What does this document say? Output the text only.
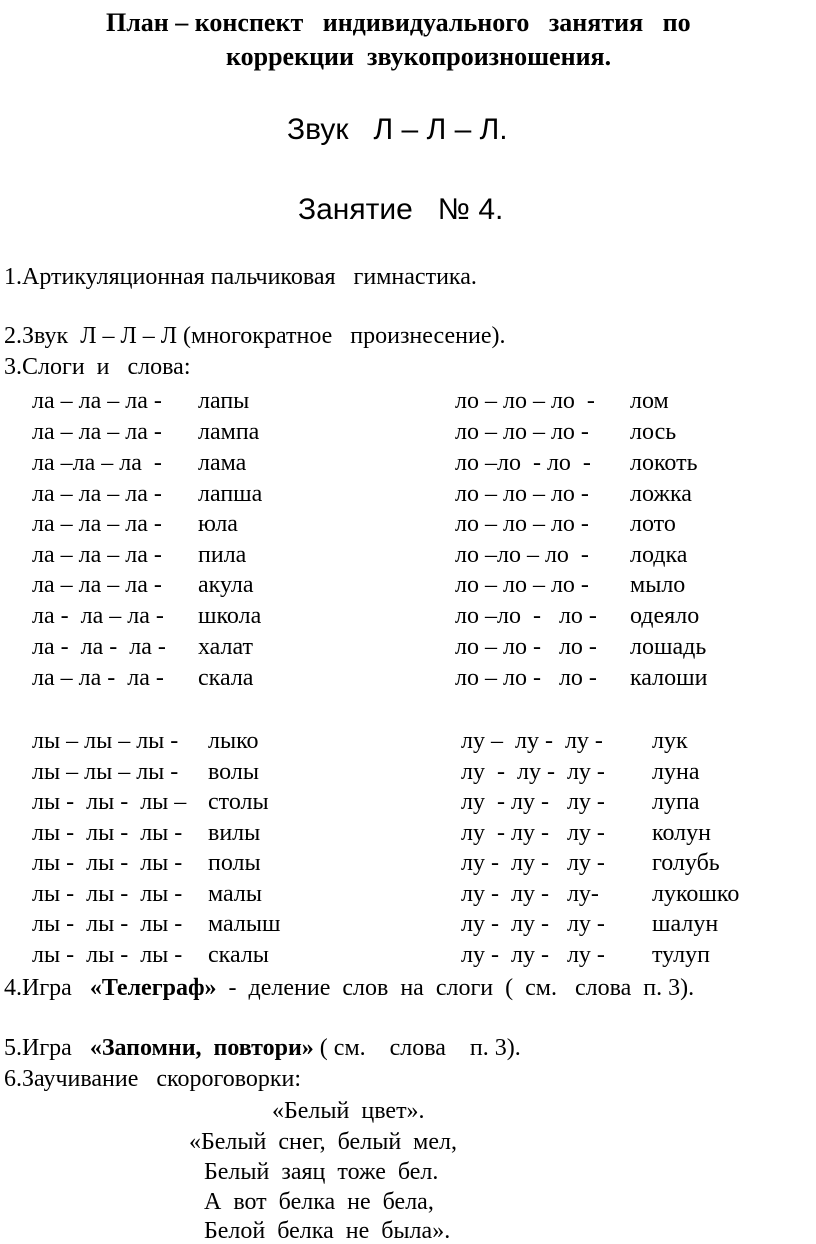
План – конспект   индивидуального   занятия   по
коррекции  звукопроизношения.
Звук   Л – Л – Л.
Занятие   № 4.
1.Артикуляционная пальчиковая   гимнастика.
2.Звук  Л – Л – Л (многократное   произнесение).
3.Слоги  и   слова:
ла – ла – ла - лапы	ло – ло – ло  - лом
ла – ла – ла - лампа	ло – ло – ло - лось
ла –ла – ла  - лама	ло –ло  - ло  - локоть
ла – ла – ла - лапша	ло – ло – ло - ложка
ла – ла – ла - юла	ло – ло – ло - лото
ла – ла – ла - пила	ло –ло – ло  - лодка
ла – ла – ла - акула	ло – ло – ло - мыло
ла -  ла – ла - школа	ло –ло  -   ло - одеяло
ла -  ла -  ла - халат	ло – ло -   ло - лошадь
ла – ла -  ла - скала	ло – ло -   ло - калоши
лы – лы – лы - лыко	лу –  лу -  лу - лук
лы – лы – лы - волы	лу  -  лу -  лу - луна
лы -  лы -  лы – столы	лу  - лу -   лу - лупа
лы -  лы -  лы - вилы	лу  - лу -   лу - колун
лы -  лы -  лы - полы	лу -  лу -   лу - голубь
лы -  лы -  лы - малы	лу -  лу -   лу- лукошко
лы -  лы -  лы - малыш	лу -  лу -   лу - шалун
лы -  лы -  лы - скалы	лу -  лу -   лу - тулуп
4.Игра   «Телеграф»  -  деление  слов  на  слоги  (  см.   слова  п. 3).
5.Игра   «Запомни,  повтори» ( см.    слова    п. 3).
6.Заучивание   скороговорки:
«Белый  цвет».
«Белый  снег,  белый  мел,
Белый  заяц  тоже  бел.
А  вот  белка  не  бела,
Белой  белка  не  была».
